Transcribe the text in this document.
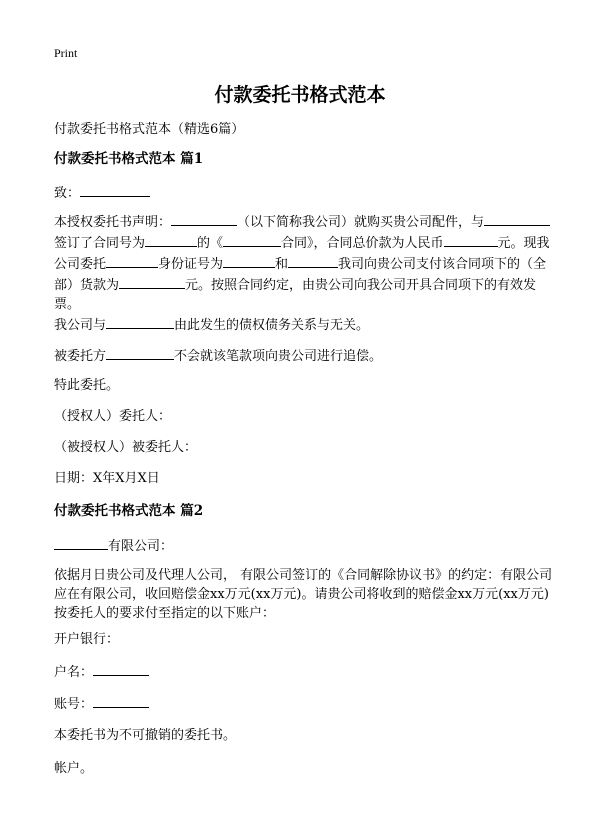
Print
付款委托书格式范本
付款委托书格式范本（精选6篇）
付款委托书格式范本 篇1
致：
本授权委托书声明：	（以下简称我公司）就购买贵公司配件，与签订了合同号为	的《	合同》，合同总价款为人民币	元。现我公司委托	身份证号为	和	我司向贵公司支付该合同项下的（全部）货款为	元。按照合同约定，由贵公司向我公司开具合同项下的有效发票。
我公司与	由此发生的债权债务关系与无关。
被委托方	不会就该笔款项向贵公司进行追偿。
特此委托。
（授权人）委托人：
（被授权人）被委托人：
日期：X年X月X日
付款委托书格式范本 篇2
有限公司：
依据月日贵公司及代理人公司， 有限公司签订的《合同解除协议书》的约定：有限公司应在有限公司，收回赔偿金xx万元(xx万元)。请贵公司将收到的赔偿金xx万元(xx万元)按委托人的要求付至指定的以下账户：
开户银行：
户名：
账号：
本委托书为不可撤销的委托书。
帐户。
